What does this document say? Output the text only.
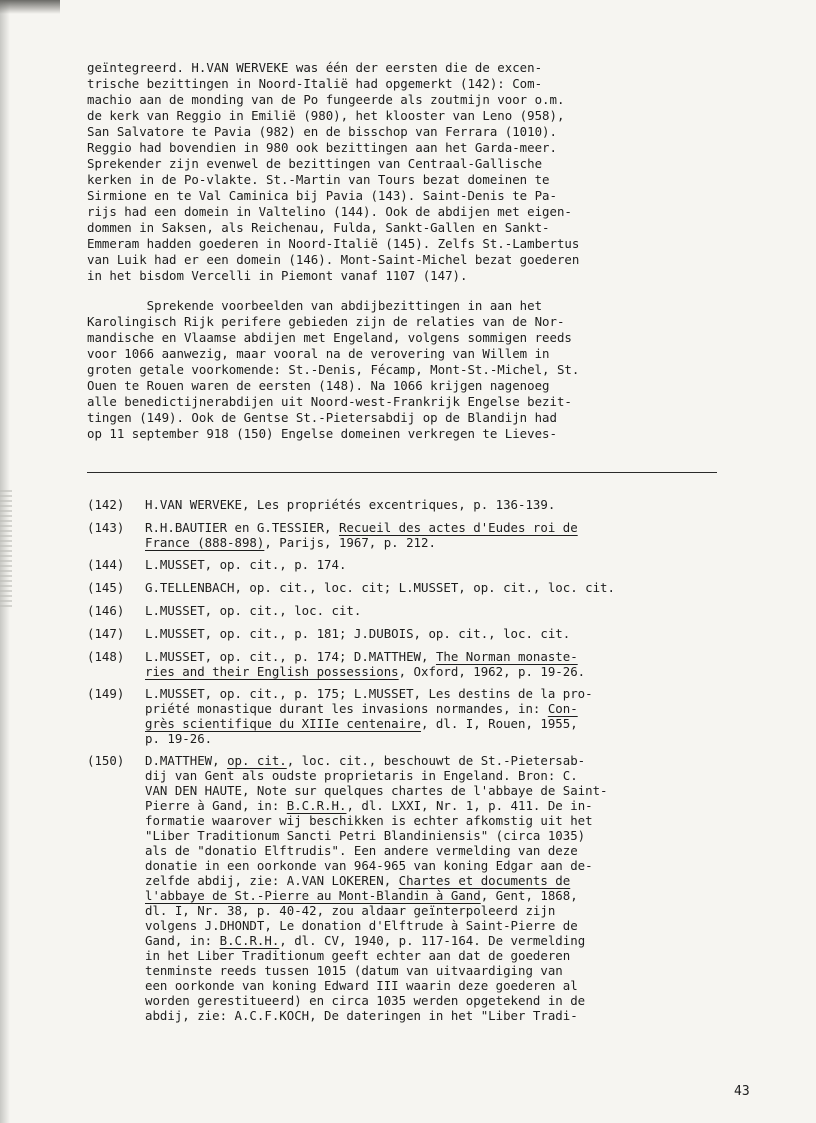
geïntegreerd. H.VAN WERVEKE was één der eersten die de excen-
trische bezittingen in Noord-Italië had opgemerkt (142): Com-
machio aan de monding van de Po fungeerde als zoutmijn voor o.m.
de kerk van Reggio in Emilië (980), het klooster van Leno (958),
San Salvatore te Pavia (982) en de bisschop van Ferrara (1010).
Reggio had bovendien in 980 ook bezittingen aan het Garda-meer.
Sprekender zijn evenwel de bezittingen van Centraal-Gallische
kerken in de Po-vlakte. St.-Martin van Tours bezat domeinen te
Sirmione en te Val Caminica bij Pavia (143). Saint-Denis te Pa-
rijs had een domein in Valtelino (144). Ook de abdijen met eigen-
dommen in Saksen, als Reichenau, Fulda, Sankt-Gallen en Sankt-
Emmeram hadden goederen in Noord-Italië (145). Zelfs St.-Lambertus
van Luik had er een domein (146). Mont-Saint-Michel bezat goederen
in het bisdom Vercelli in Piemont vanaf 1107 (147).
Sprekende voorbeelden van abdijbezittingen in aan het
Karolingisch Rijk perifere gebieden zijn de relaties van de Nor-
mandische en Vlaamse abdijen met Engeland, volgens sommigen reeds
voor 1066 aanwezig, maar vooral na de verovering van Willem in
groten getale voorkomende: St.-Denis, Fécamp, Mont-St.-Michel, St.
Ouen te Rouen waren de eersten (148). Na 1066 krijgen nagenoeg
alle benedictijnerabdijen uit Noord-west-Frankrijk Engelse bezit-
tingen (149). Ook de Gentse St.-Pietersabdij op de Blandijn had
op 11 september 918 (150) Engelse domeinen verkregen te Lieves-
(142)	H.VAN WERVEKE, Les propriétés excentriques, p. 136-139.
(143)	R.H.BAUTIER en G.TESSIER, Recueil des actes d'Eudes roi de
France (888-898), Parijs, 1967, p. 212.
(144)	L.MUSSET, op. cit., p. 174.
(145)	G.TELLENBACH, op. cit., loc. cit; L.MUSSET, op. cit., loc. cit.
(146)	L.MUSSET, op. cit., loc. cit.
(147)	L.MUSSET, op. cit., p. 181; J.DUBOIS, op. cit., loc. cit.
(148)	L.MUSSET, op. cit., p. 174; D.MATTHEW, The Norman monaste-
ries and their English possessions, Oxford, 1962, p. 19-26.
(149)	L.MUSSET, op. cit., p. 175; L.MUSSET, Les destins de la pro-
priété monastique durant les invasions normandes, in: Con-
grès scientifique du XIIIe centenaire, dl. I, Rouen, 1955,
p. 19-26.
(150)	D.MATTHEW, op. cit., loc. cit., beschouwt de St.-Pietersab-
dij van Gent als oudste proprietaris in Engeland. Bron: C.
VAN DEN HAUTE, Note sur quelques chartes de l'abbaye de Saint-
Pierre à Gand, in: B.C.R.H., dl. LXXI, Nr. 1, p. 411. De in-
formatie waarover wij beschikken is echter afkomstig uit het
"Liber Traditionum Sancti Petri Blandiniensis" (circa 1035)
als de "donatio Elftrudis". Een andere vermelding van deze
donatie in een oorkonde van 964-965 van koning Edgar aan de-
zelfde abdij, zie: A.VAN LOKEREN, Chartes et documents de
l'abbaye de St.-Pierre au Mont-Blandin à Gand, Gent, 1868,
dl. I, Nr. 38, p. 40-42, zou aldaar geïnterpoleerd zijn
volgens J.DHONDT, Le donation d'Elftrude à Saint-Pierre de
Gand, in: B.C.R.H., dl. CV, 1940, p. 117-164. De vermelding
in het Liber Traditionum geeft echter aan dat de goederen
tenminste reeds tussen 1015 (datum van uitvaardiging van
een oorkonde van koning Edward III waarin deze goederen al
worden gerestitueerd) en circa 1035 werden opgetekend in de
abdij, zie: A.C.F.KOCH, De dateringen in het "Liber Tradi-
43
